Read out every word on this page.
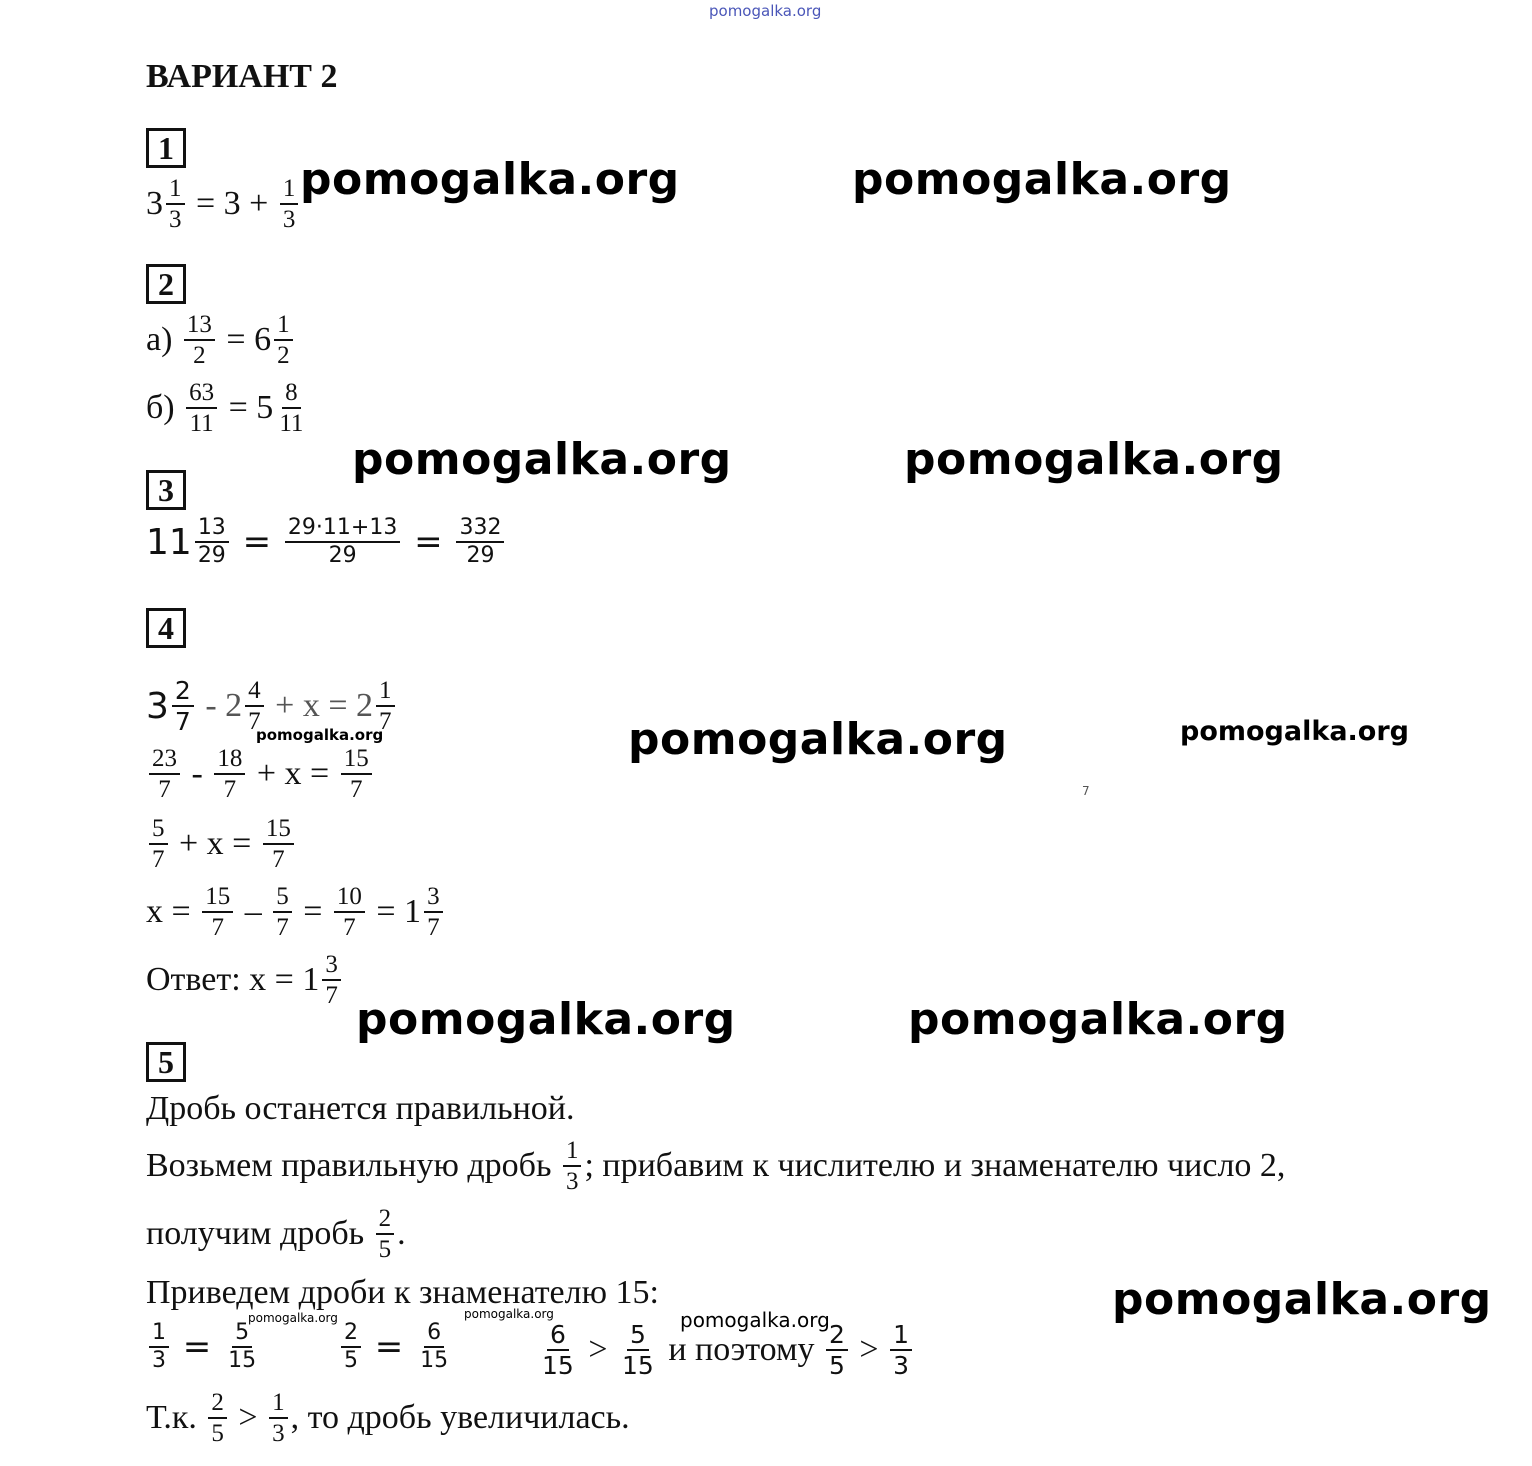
pomogalka.org
ВАРИАНТ 2
1
$3 \frac{1}{3} = 3 + \frac{1}{3}$
2
$а) \frac{13}{2} = 6 \frac{1}{2}$
$б) \frac{63}{11} = 5 \frac{8}{11}$
3
$11 \frac{13}{29} = \frac{29\cdot 11+13}{29} = \frac{332}{29}$
4
$3 \frac{2}{7} - 2 \frac{4}{7} + x = 2 \frac{1}{7}$
$\frac{23}{7} - \frac{18}{7} + x = \frac{15}{7}$
$\frac{5}{7} + x = \frac{15}{7}$
$x = \frac{15}{7} - \frac{5}{7} = \frac{10}{7} = 1 \frac{3}{7}$
Ответ: $x = 1 \frac{3}{7}$
5
Дробь останется правильной.
Возьмем правильную дробь $\frac{1}{3}$ ; прибавим к числителю и знаменателю число 2,
получим дробь $\frac{2}{5}$ .
Приведем дроби к знаменателю 15:
$\frac{1}{3} = \frac{5}{15}$	$\frac{2}{5} = \frac{6}{15}$	$\frac{6}{15} > \frac{5}{15}$ и поэтому $\frac{2}{5} > \frac{1}{3}$
Т.к. $\frac{2}{5} > \frac{1}{3}$ , то дробь увеличилась.
pomogalka.org	pomogalka.org
pomogalka.org	pomogalka.org
pomogalka.org	pomogalka.org	pomogalka.org
pomogalka.org	pomogalka.org
pomogalka.org
pomogalka.org	pomogalka.org	pomogalka.org
7
